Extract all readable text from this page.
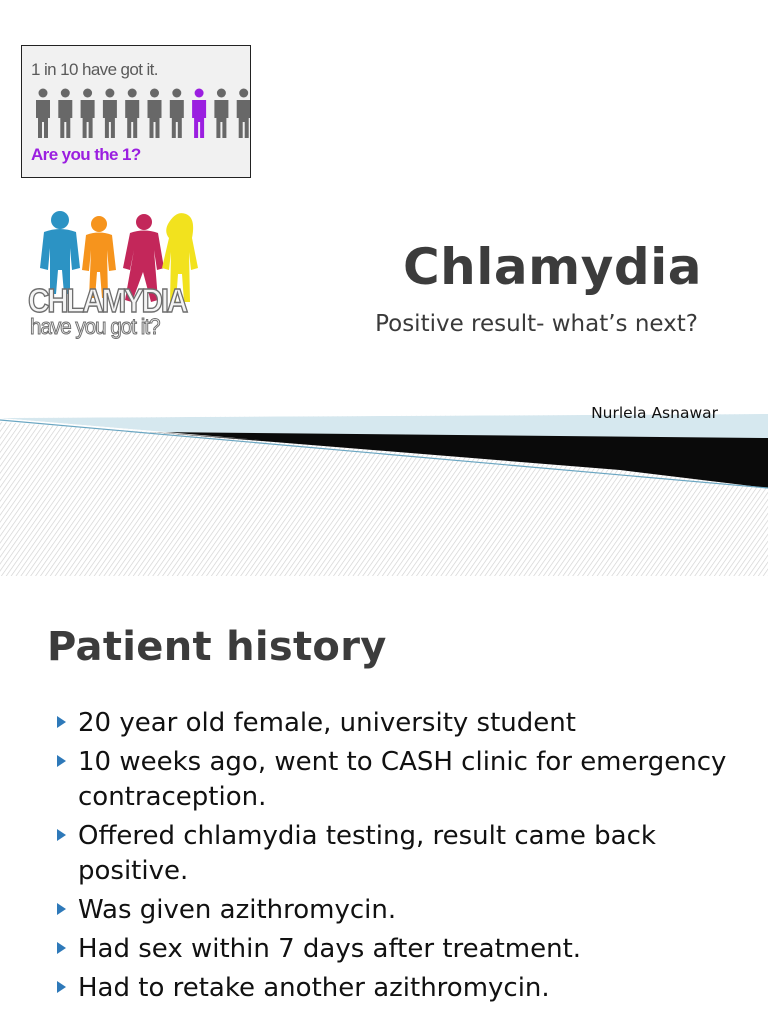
1 in 10 have got it.
Are you the 1?
CHLAMYDIA
have you got it?
Chlamydia
Positive result- what’s next?
Nurlela Asnawar
Patient history
20 year old female, university student
10 weeks ago, went to CASH clinic for emergency contraception.
Offered chlamydia testing, result came back positive.
Was given azithromycin.
Had sex within 7 days after treatment.
Had to retake another azithromycin.
